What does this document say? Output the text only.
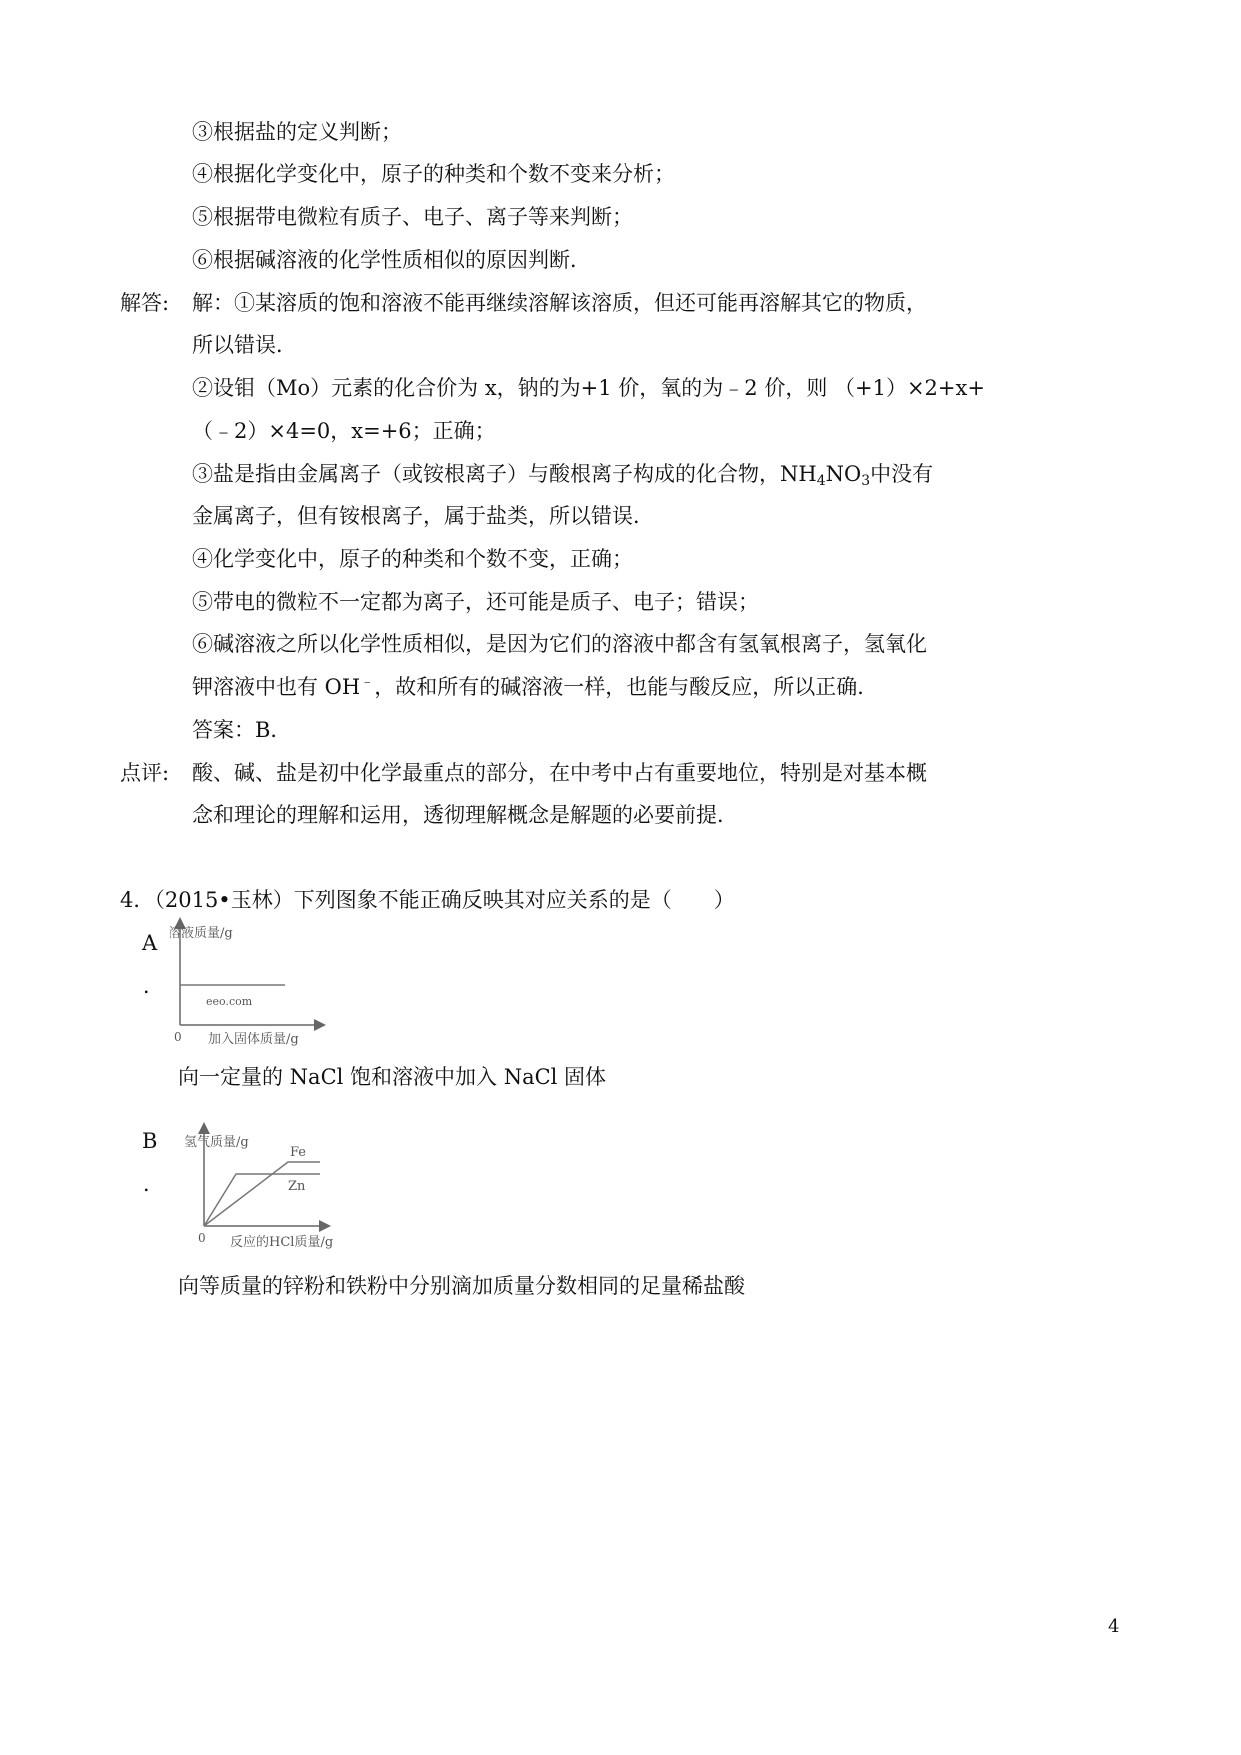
③根据盐的定义判断；
④根据化学变化中，原子的种类和个数不变来分析；
⑤根据带电微粒有质子、电子、离子等来判断；
⑥根据碱溶液的化学性质相似的原因判断．
解答: 解：①某溶质的饱和溶液不能再继续溶解该溶质，但还可能再溶解其它的物质，
所以错误．
②设钼（Mo）元素的化合价为 x，钠的为+1 价，氧的为﹣2 价，则 （+1）×2+x+
（﹣2）×4=0，x=+6；正确；
③盐是指由金属离子（或铵根离子）与酸根离子构成的化合物，$NH_4NO_3$中没有
金属离子，但有铵根离子，属于盐类，所以错误．
④化学变化中，原子的种类和个数不变，正确；
⑤带电的微粒不一定都为离子，还可能是质子、电子；错误；
⑥碱溶液之所以化学性质相似，是因为它们的溶液中都含有氢氧根离子，氢氧化
钾溶液中也有 OH﹣，故和所有的碱溶液一样，也能与酸反应，所以正确．
答案：B．
点评: 酸、碱、盐是初中化学最重点的部分，在中考中占有重要地位，特别是对基本概
念和理论的理解和运用，透彻理解概念是解题的必要前提．
4．（2015•玉林）下列图象不能正确反映其对应关系的是（　　）
A
．
溶液质量/g
eeo.com
0 加入固体质量/g
向一定量的 NaCl 饱和溶液中加入 NaCl 固体
B
．
氢气质量/g
Fe
Zn
0 反应的HCl质量/g
向等质量的锌粉和铁粉中分别滴加质量分数相同的足量稀盐酸
4
